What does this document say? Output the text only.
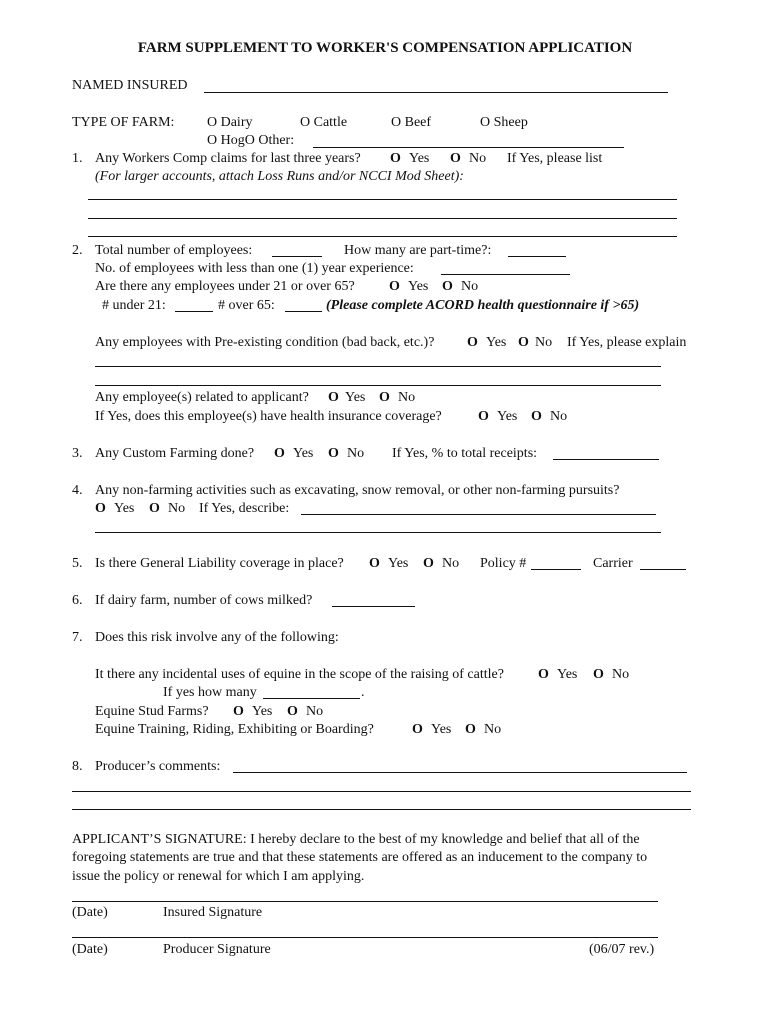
FARM SUPPLEMENT TO WORKER'S COMPENSATION APPLICATION
NAMED INSURED
TYPE OF FARM: O Dairy	O Cattle	O Beef	O Sheep
O HogO Other:
1. Any Workers Comp claims for last three years? O Yes O No If Yes, please list
(For larger accounts, attach Loss Runs and/or NCCI Mod Sheet):
2. Total number of employees:	How many are part-time?:
No. of employees with less than one (1) year experience:
Are there any employees under 21 or over 65? O Yes O No
# under 21:	# over 65:	(Please complete ACORD health questionnaire if >65)
Any employees with Pre-existing condition (bad back, etc.)? O Yes O No If Yes, please explain
Any employee(s) related to applicant? O Yes O No
If Yes, does this employee(s) have health insurance coverage?	O Yes O No
3. Any Custom Farming done? O Yes O No If Yes, % to total receipts:
4. Any non-farming activities such as excavating, snow removal, or other non-farming pursuits?
O Yes O No If Yes, describe:
5. Is there General Liability coverage in place? O Yes O No Policy #	Carrier
6. If dairy farm, number of cows milked?
7. Does this risk involve any of the following:
It there any incidental uses of equine in the scope of the raising of cattle? O Yes O No
If yes how many	.
Equine Stud Farms? O Yes O No
Equine Training, Riding, Exhibiting or Boarding?	O Yes O No
8. Producer’s comments:
APPLICANT’S SIGNATURE: I hereby declare to the best of my knowledge and belief that all of the
foregoing statements are true and that these statements are offered as an inducement to the company to
issue the policy or renewal for which I am applying.
(Date)	Insured Signature
(Date)	Producer Signature	(06/07 rev.)
